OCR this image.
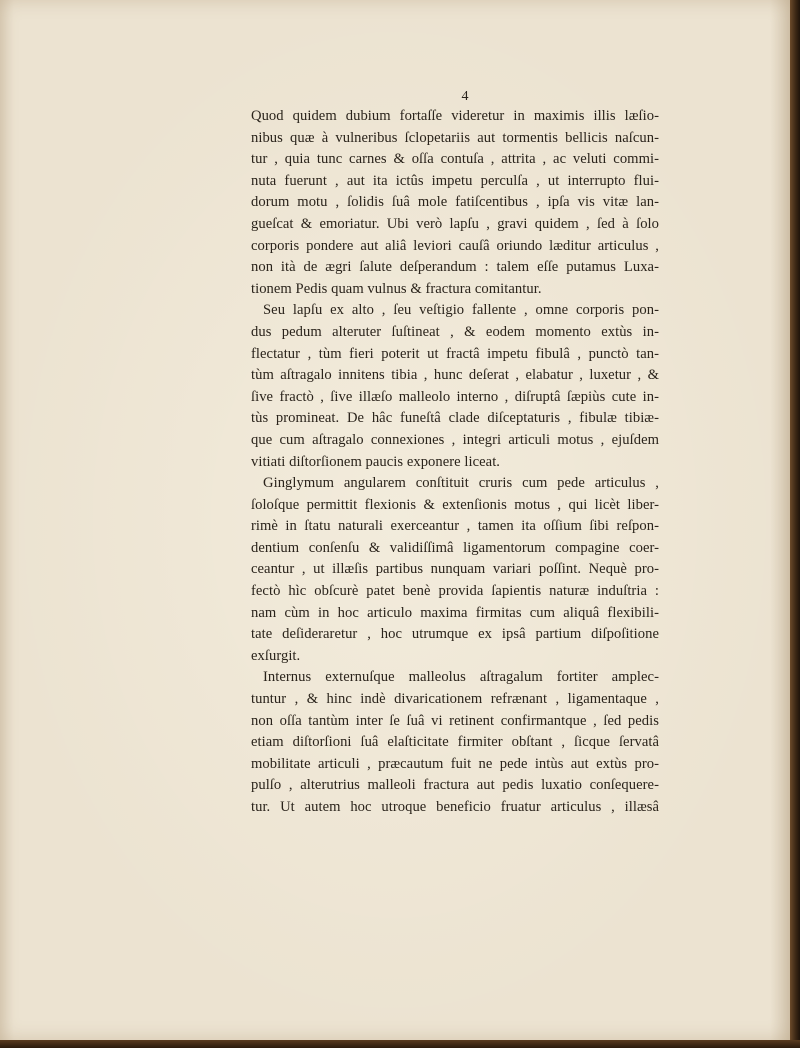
4

Quod quidem dubium fortaſſe videretur in maximis illis læſio-
nibus quæ à vulneribus ſclopetariis aut tormentis bellicis naſcun-
tur , quia tunc carnes & oſſa contuſa , attrita , ac veluti commi-
nuta fuerunt , aut ita ictûs impetu perculſa , ut interrupto flui-
dorum motu , ſolidis ſuâ mole fatiſcentibus , ipſa vis vitæ lan-
gueſcat & emoriatur. Ubi verò lapſu , gravi quidem , ſed à ſolo
corporis pondere aut aliâ leviori cauſâ oriundo læditur articulus ,
non ità de ægri ſalute deſperandum : talem eſſe putamus Luxa-
tionem Pedis quam vulnus & fractura comitantur.

Seu lapſu ex alto , ſeu veſtigio fallente , omne corporis pon-
dus pedum alteruter ſuſtineat , & eodem momento extùs in-
flectatur , tùm fieri poterit ut fractâ impetu fibulâ , punctò tan-
tùm aſtragalo innitens tibia , hunc deſerat , elabatur , luxetur , &
ſive fractò , ſive illæſo malleolo interno , diſruptâ ſæpiùs cute in-
tùs promineat. De hâc funeſtâ clade diſceptaturis , fibulæ tibiæ-
que cum aſtragalo connexiones , integri articuli motus , ejuſdem
vitiati diſtorſionem paucis exponere liceat.

Ginglymum angularem conſtituit cruris cum pede articulus ,
ſoloſque permittit flexionis & extenſionis motus , qui licèt liber-
rimè in ſtatu naturali exerceantur , tamen ita oſſium ſibi reſpon-
dentium conſenſu & validiſſimâ ligamentorum compagine coer-
ceantur , ut illæſis partibus nunquam variari poſſint. Nequè pro-
fectò hìc obſcurè patet benè provida ſapientis naturæ induſtria :
nam cùm in hoc articulo maxima firmitas cum aliquâ flexibili-
tate deſideraretur , hoc utrumque ex ipsâ partium diſpoſitione
exſurgit.

Internus externuſque malleolus aſtragalum fortiter amplec-
tuntur , & hinc indè divaricationem refrænant , ligamentaque ,
non oſſa tantùm inter ſe ſuâ vi retinent confirmantque , ſed pedis
etiam diſtorſioni ſuâ elaſticitate firmiter obſtant , ſicque ſervatâ
mobilitate articuli , præcautum fuit ne pede intùs aut extùs pro-
pulſo , alterutrius malleoli fractura aut pedis luxatio conſequere-
tur. Ut autem hoc utroque beneficio fruatur articulus , illæsâ
